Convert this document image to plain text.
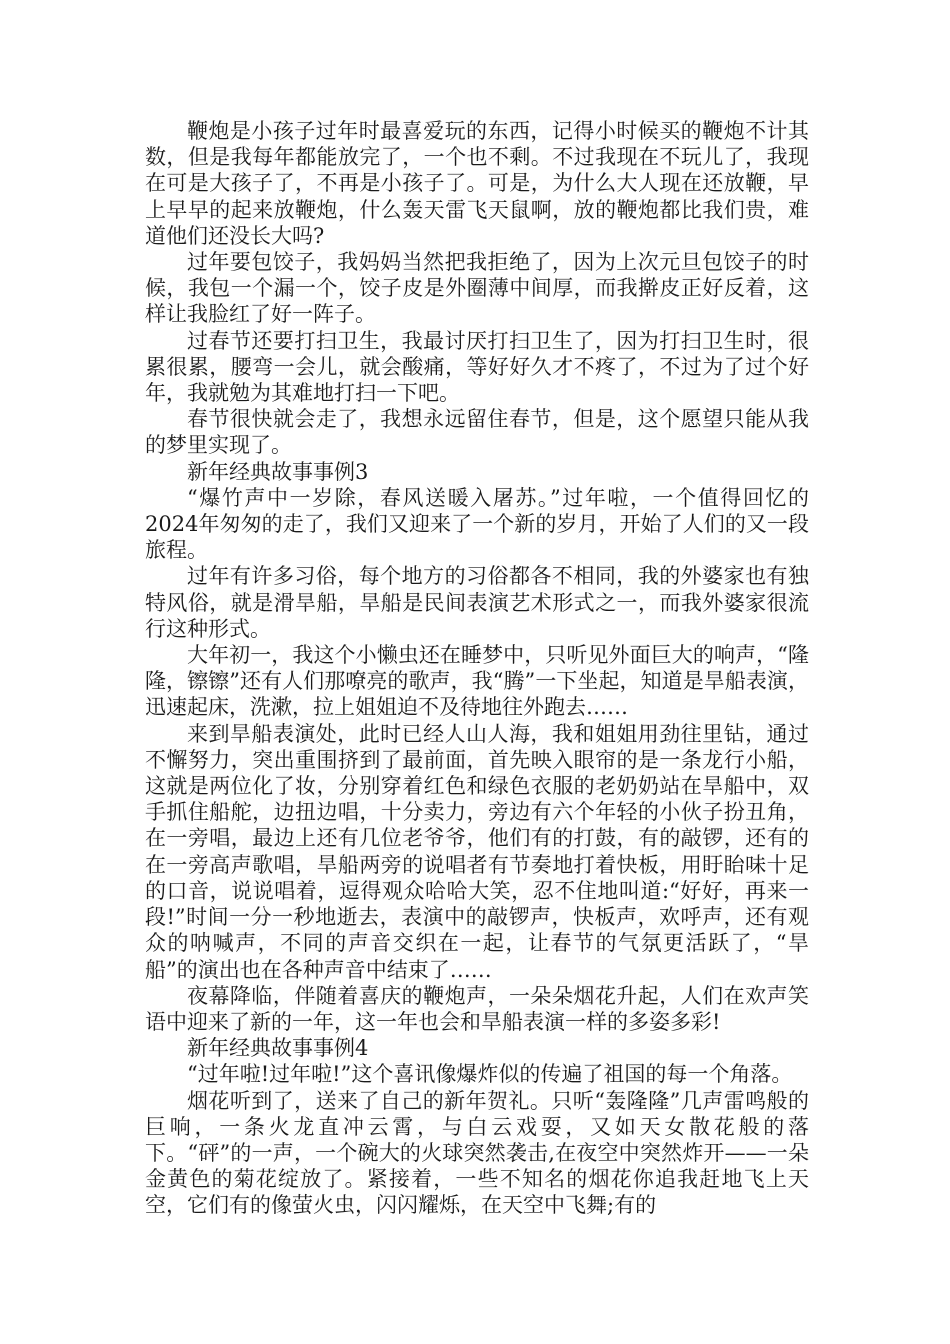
鞭炮是小孩子过年时最喜爱玩的东西，记得小时候买的鞭炮不计其数，但是我每年都能放完了，一个也不剩。不过我现在不玩儿了，我现在可是大孩子了，不再是小孩子了。可是，为什么大人现在还放鞭，早上早早的起来放鞭炮，什么轰天雷飞天鼠啊，放的鞭炮都比我们贵，难道他们还没长大吗?

过年要包饺子，我妈妈当然把我拒绝了，因为上次元旦包饺子的时候，我包一个漏一个，饺子皮是外圈薄中间厚，而我擀皮正好反着，这样让我脸红了好一阵子。

过春节还要打扫卫生，我最讨厌打扫卫生了，因为打扫卫生时，很累很累，腰弯一会儿，就会酸痛，等好好久才不疼了，不过为了过个好年，我就勉为其难地打扫一下吧。

春节很快就会走了，我想永远留住春节，但是，这个愿望只能从我的梦里实现了。

新年经典故事事例3

“爆竹声中一岁除，春风送暖入屠苏。”过年啦，一个值得回忆的2024年匆匆的走了，我们又迎来了一个新的岁月，开始了人们的又一段旅程。

过年有许多习俗，每个地方的习俗都各不相同，我的外婆家也有独特风俗，就是滑旱船，旱船是民间表演艺术形式之一，而我外婆家很流行这种形式。

大年初一，我这个小懒虫还在睡梦中，只听见外面巨大的响声，“隆隆，镲镲”还有人们那嘹亮的歌声，我“腾”一下坐起，知道是旱船表演，迅速起床，洗漱，拉上姐姐迫不及待地往外跑去……

来到旱船表演处，此时已经人山人海，我和姐姐用劲往里钻，通过不懈努力，突出重围挤到了最前面，首先映入眼帘的是一条龙行小船，这就是两位化了妆，分别穿着红色和绿色衣服的老奶奶站在旱船中，双手抓住船舵，边扭边唱，十分卖力，旁边有六个年轻的小伙子扮丑角，在一旁唱，最边上还有几位老爷爷，他们有的打鼓，有的敲锣，还有的在一旁高声歌唱，旱船两旁的说唱者有节奏地打着快板，用盱眙味十足的口音，说说唱着，逗得观众哈哈大笑，忍不住地叫道:“好好，再来一段!”时间一分一秒地逝去，表演中的敲锣声，快板声，欢呼声，还有观众的呐喊声，不同的声音交织在一起，让春节的气氛更活跃了，“旱船”的演出也在各种声音中结束了……

夜幕降临，伴随着喜庆的鞭炮声，一朵朵烟花升起，人们在欢声笑语中迎来了新的一年，这一年也会和旱船表演一样的多姿多彩!

新年经典故事事例4

“过年啦!过年啦!”这个喜讯像爆炸似的传遍了祖国的每一个角落。

烟花听到了，送来了自己的新年贺礼。只听“轰隆隆”几声雷鸣般的巨响，一条火龙直冲云霄，与白云戏耍，又如天女散花般的落下。“砰”的一声，一个碗大的火球突然袭击,在夜空中突然炸开——一朵金黄色的菊花绽放了。紧接着，一些不知名的烟花你追我赶地飞上天空，它们有的像萤火虫，闪闪耀烁，在天空中飞舞;有的
